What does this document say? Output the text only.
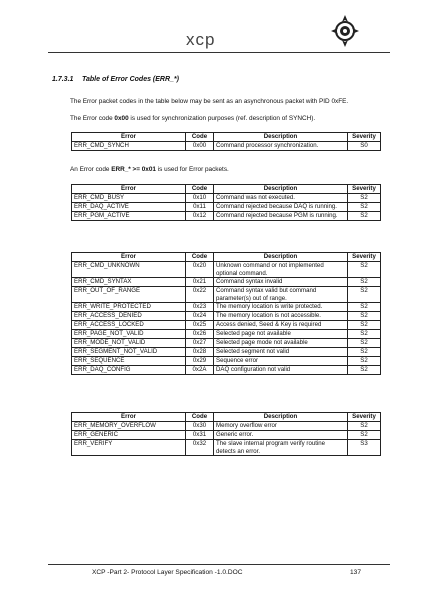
xcp
1.7.3.1 Table of Error Codes (ERR_*)
The Error packet codes in the table below may be sent as an asynchronous packet with PID 0xFE.
The Error code 0x00 is used for synchronization purposes (ref. description of SYNCH).
Error	Code	Description	Severity
ERR_CMD_SYNCH	0x00	Command processor synchronization.	S0
An Error code ERR_* >= 0x01 is used for Error packets.
Error	Code	Description	Severity
ERR_CMD_BUSY	0x10	Command was not executed.	S2
ERR_DAQ_ACTIVE	0x11	Command rejected because DAQ is running.	S2
ERR_PGM_ACTIVE	0x12	Command rejected because PGM is running.	S2
Error	Code	Description	Severity
ERR_CMD_UNKNOWN	0x20	Unknown command or not implemented optional command.	S2
ERR_CMD_SYNTAX	0x21	Command syntax invalid	S2
ERR_OUT_OF_RANGE	0x22	Command syntax valid but command parameter(s) out of range.	S2
ERR_WRITE_PROTECTED	0x23	The memory location is write protected.	S2
ERR_ACCESS_DENIED	0x24	The memory location is not accessible.	S2
ERR_ACCESS_LOCKED	0x25	Access denied, Seed & Key is required	S2
ERR_PAGE_NOT_VALID	0x26	Selected page not available	S2
ERR_MODE_NOT_VALID	0x27	Selected page mode not available	S2
ERR_SEGMENT_NOT_VALID	0x28	Selected segment not valid	S2
ERR_SEQUENCE	0x29	Sequence error	S2
ERR_DAQ_CONFIG	0x2A	DAQ configuration not valid	S2
Error	Code	Description	Severity
ERR_MEMORY_OVERFLOW	0x30	Memory overflow error	S2
ERR_GENERIC	0x31	Generic error.	S2
ERR_VERIFY	0x32	The slave internal program verify routine detects an error.	S3
XCP -Part 2- Protocol Layer Specification -1.0.DOC	137
